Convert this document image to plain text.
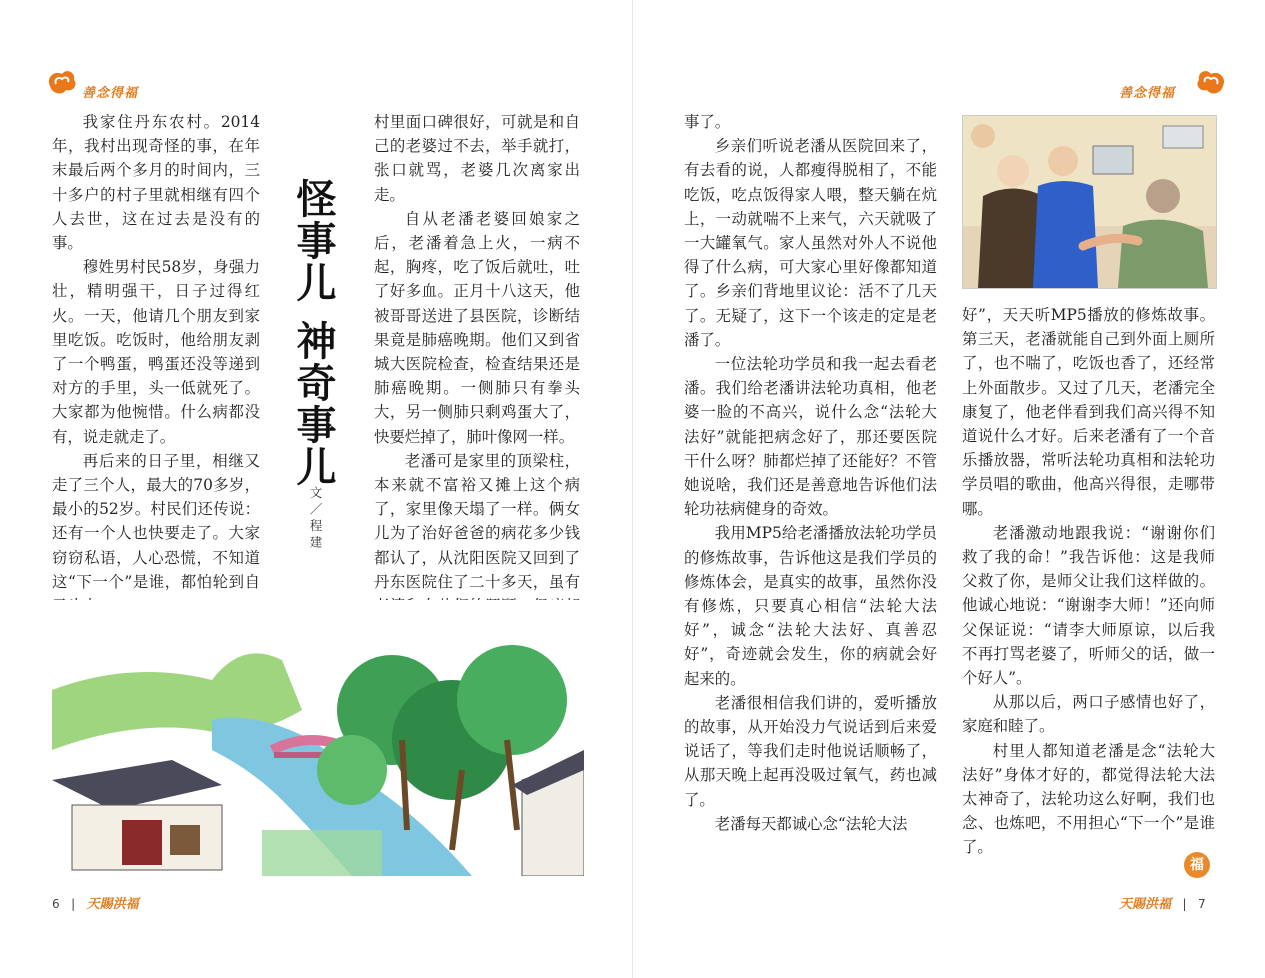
善念得福

我家住丹东农村。2014年，我村出现奇怪的事，在年末最后两个多月的时间内，三十多户的村子里就相继有四个人去世，这在过去是没有的事。

穆姓男村民58岁，身强力壮，精明强干，日子过得红火。一天，他请几个朋友到家里吃饭。吃饭时，他给朋友剥了一个鸭蛋，鸭蛋还没等递到对方的手里，头一低就死了。大家都为他惋惜。什么病都没有，说走就走了。

再后来的日子里，相继又走了三个人，最大的70多岁，最小的52岁。村民们还传说：还有一个人也快要走了。大家窃窃私语，人心恐慌，不知道这“下一个”是谁，都怕轮到自

怪事儿 神奇事儿
文／程建

村里面口碑很好，可就是和自己的老婆过不去，举手就打，张口就骂，老婆几次离家出走。

自从老潘老婆回娘家之后，老潘着急上火，一病不起，胸疼，吃了饭后就吐，吐了好多血。正月十八这天，他被哥哥送进了县医院，诊断结果竟是肺癌晚期。他们又到省城大医院检查，检查结果还是肺癌晚期。一侧肺只有拳头大，另一侧肺只剩鸡蛋大了，快要烂掉了，肺叶像网一样。

老潘可是家里的顶梁柱，本来就不富裕又摊上这个病了，家里像天塌了一样。俩女儿为了治好爸爸的病花多少钱都认了，从沈阳医院又回到了丹东医院住了二十多天，虽有

6   |   天賜洪福
善念得福

事了。

乡亲们听说老潘从医院回来了，有去看的说，人都瘦得脱相了，不能吃饭，吃点饭得家人喂，整天躺在炕上，一动就喘不上来气，六天就吸了一大罐氧气。家人虽然对外人不说他得了什么病，可大家心里好像都知道了。乡亲们背地里议论：活不了几天了。无疑了，这下一个该走的定是老潘了。

一位法轮功学员和我一起去看老潘。我们给老潘讲法轮功真相，他老婆一脸的不高兴，说什么念“法轮大法好”就能把病念好了，那还要医院干什么呀？肺都烂掉了还能好？不管她说啥，我们还是善意地告诉他们法轮功祛病健身的奇效。

我用MP5给老潘播放法轮功学员的修炼故事，告诉他这是我们学员的修炼体会，是真实的故事，虽然你没有修炼，只要真心相信“法轮大法好”，诚念“法轮大法好、真善忍好”，奇迹就会发生，你的病就会好起来的。

老潘很相信我们讲的，爱听播放的故事，从开始没力气说话到后来爱说话了，等我们走时他说话顺畅了，从那天晚上起再没吸过氧气，药也减了。

老潘每天都诚心念“法轮大法

好”，天天听MP5播放的修炼故事。第三天，老潘就能自己到外面上厕所了，也不喘了，吃饭也香了，还经常上外面散步。又过了几天，老潘完全康复了，他老伴看到我们高兴得不知道说什么才好。后来老潘有了一个音乐播放器，常听法轮功真相和法轮功学员唱的歌曲，他高兴得很，走哪带哪。

老潘激动地跟我说：“谢谢你们救了我的命！”我告诉他：这是我师父救了你，是师父让我们这样做的。他诚心地说：“谢谢李大师！”还向师父保证说：“请李大师原谅，以后我不再打骂老婆了，听师父的话，做一个好人”。

从那以后，两口子感情也好了，家庭和睦了。

村里人都知道老潘是念“法轮大法好”身体才好的，都觉得法轮大法太神奇了，法轮功这么好啊，我们也念、也炼吧，不用担心“下一个”是谁了。

福
天賜洪福   |   7
